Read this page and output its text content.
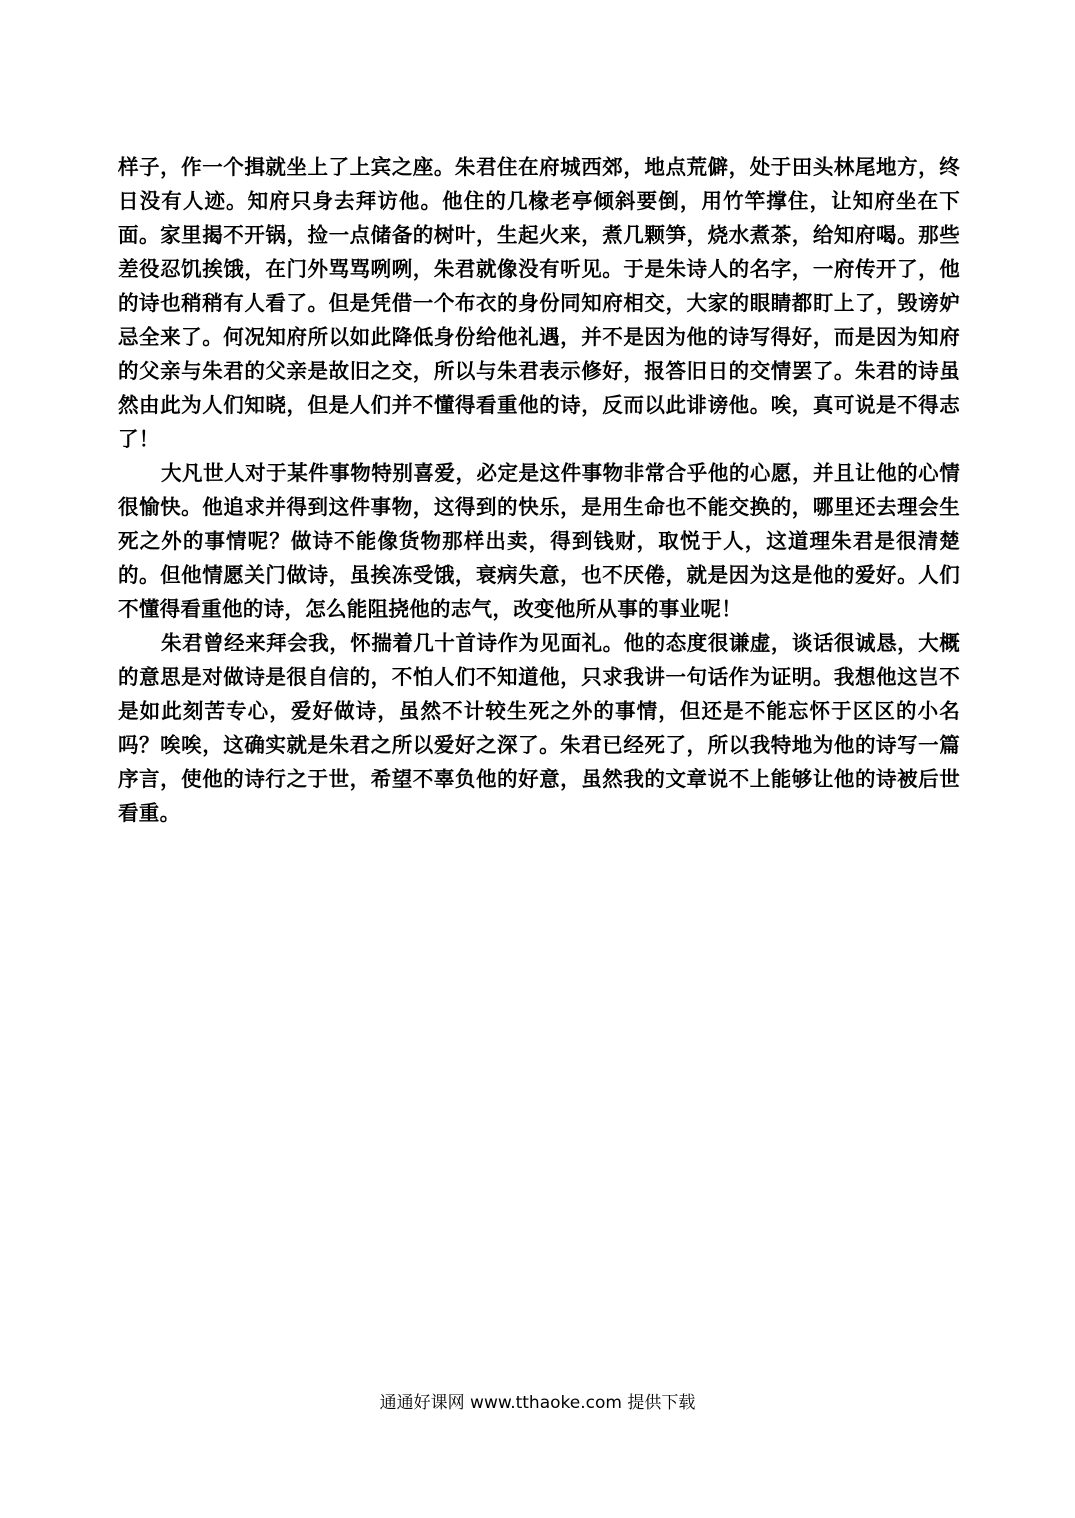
样子，作一个揖就坐上了上宾之座。朱君住在府城西郊，地点荒僻，处于田头林尾地方，终日没有人迹。知府只身去拜访他。他住的几椽老亭倾斜要倒，用竹竿撑住，让知府坐在下面。家里揭不开锅，捡一点储备的树叶，生起火来，煮几颗笋，烧水煮茶，给知府喝。那些差役忍饥挨饿，在门外骂骂咧咧，朱君就像没有听见。于是朱诗人的名字，一府传开了，他的诗也稍稍有人看了。但是凭借一个布衣的身份同知府相交，大家的眼睛都盯上了，毁谤妒忌全来了。何况知府所以如此降低身份给他礼遇，并不是因为他的诗写得好，而是因为知府的父亲与朱君的父亲是故旧之交，所以与朱君表示修好，报答旧日的交情罢了。朱君的诗虽然由此为人们知晓，但是人们并不懂得看重他的诗，反而以此诽谤他。唉，真可说是不得志了！

大凡世人对于某件事物特别喜爱，必定是这件事物非常合乎他的心愿，并且让他的心情很愉快。他追求并得到这件事物，这得到的快乐，是用生命也不能交换的，哪里还去理会生死之外的事情呢？做诗不能像货物那样出卖，得到钱财，取悦于人，这道理朱君是很清楚的。但他情愿关门做诗，虽挨冻受饿，衰病失意，也不厌倦，就是因为这是他的爱好。人们不懂得看重他的诗，怎么能阻挠他的志气，改变他所从事的事业呢！

朱君曾经来拜会我，怀揣着几十首诗作为见面礼。他的态度很谦虚，谈话很诚恳，大概的意思是对做诗是很自信的，不怕人们不知道他，只求我讲一句话作为证明。我想他这岂不是如此刻苦专心，爱好做诗，虽然不计较生死之外的事情，但还是不能忘怀于区区的小名吗？唉唉，这确实就是朱君之所以爱好之深了。朱君已经死了，所以我特地为他的诗写一篇序言，使他的诗行之于世，希望不辜负他的好意，虽然我的文章说不上能够让他的诗被后世看重。

通通好课网 www.tthaoke.com 提供下载
